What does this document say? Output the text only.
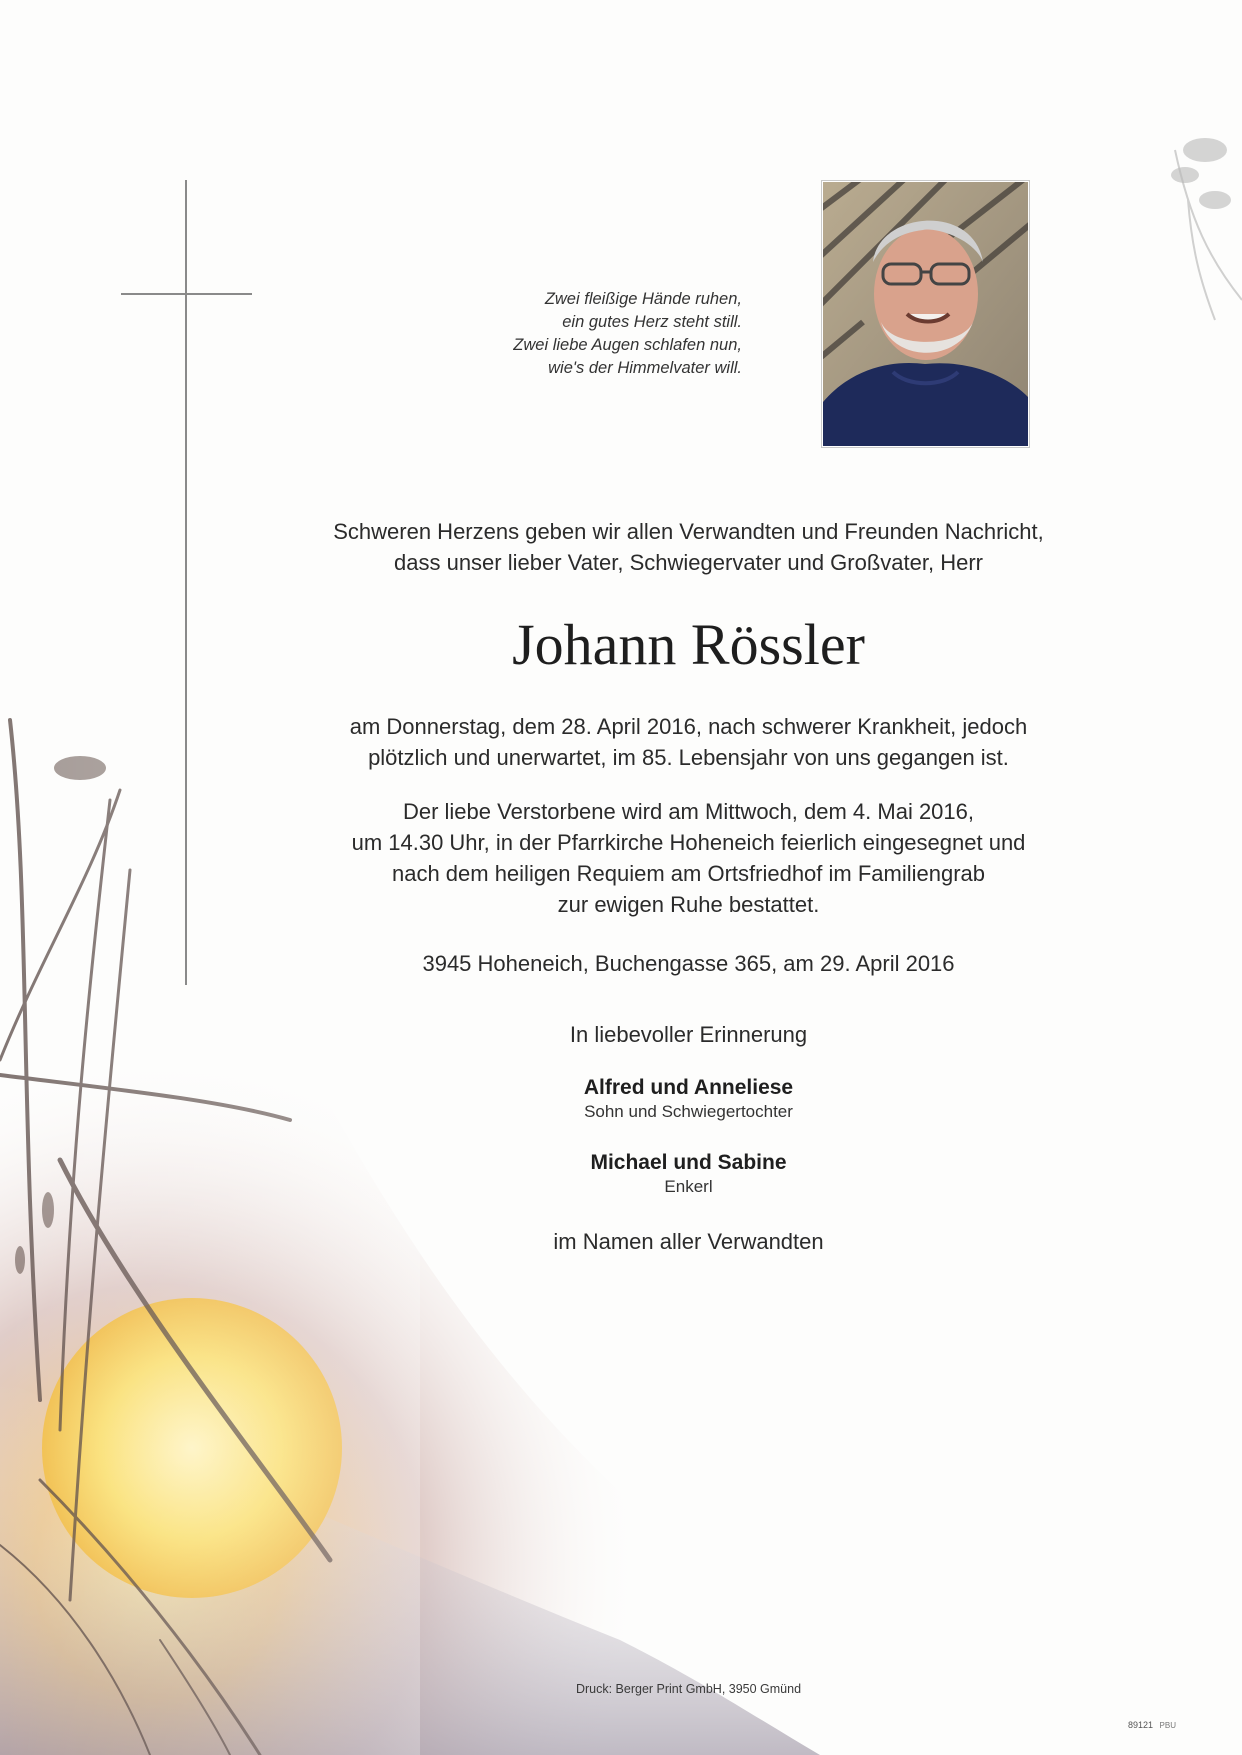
Zwei fleißige Hände ruhen,
ein gutes Herz steht still.
Zwei liebe Augen schlafen nun,
wie's der Himmelvater will.
Schweren Herzens geben wir allen Verwandten und Freunden Nachricht,
dass unser lieber Vater, Schwiegervater und Großvater, Herr
Johann Rössler
am Donnerstag, dem 28. April 2016, nach schwerer Krankheit, jedoch
plötzlich und unerwartet, im 85. Lebensjahr von uns gegangen ist.
Der liebe Verstorbene wird am Mittwoch, dem 4. Mai 2016,
um 14.30 Uhr, in der Pfarrkirche Hoheneich feierlich eingesegnet und
nach dem heiligen Requiem am Ortsfriedhof im Familiengrab
zur ewigen Ruhe bestattet.
3945 Hoheneich, Buchengasse 365, am 29. April 2016
In liebevoller Erinnerung
Alfred und Anneliese
Sohn und Schwiegertochter
Michael und Sabine
Enkerl
im Namen aller Verwandten
Druck: Berger Print GmbH, 3950 Gmünd
89121 PBU
